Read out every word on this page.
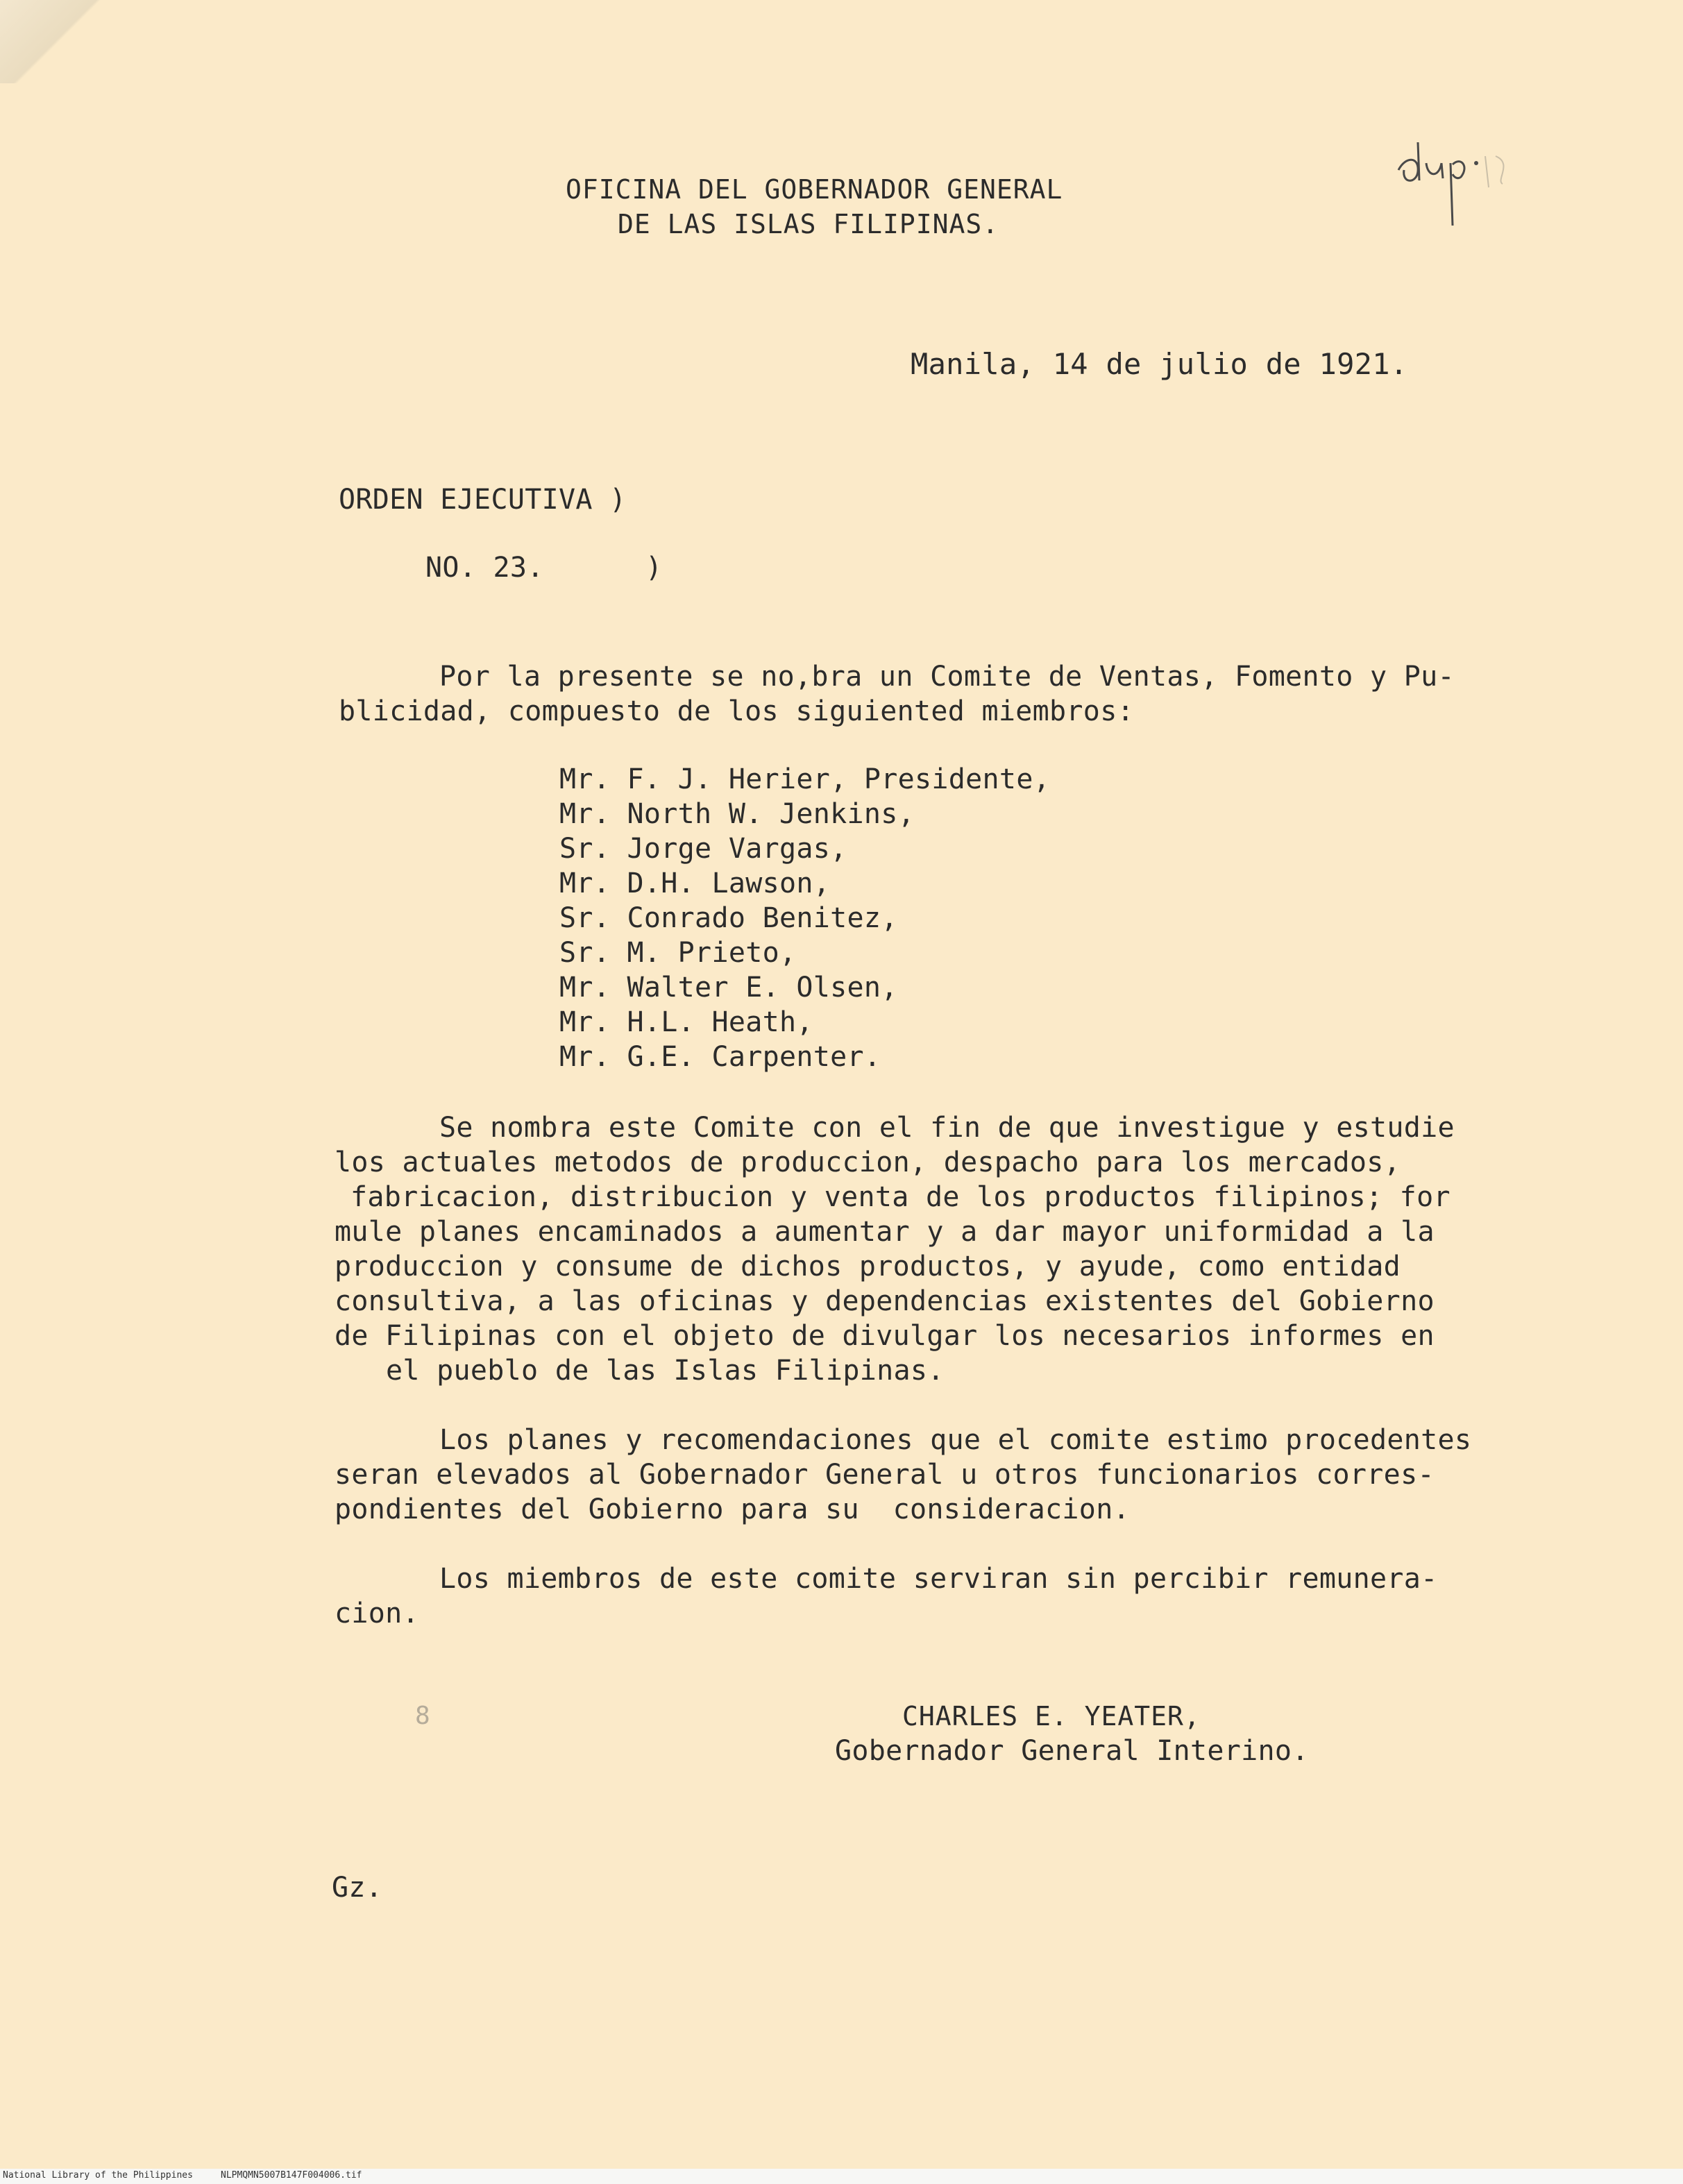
OFICINA DEL GOBERNADOR GENERAL
DE LAS ISLAS FILIPINAS.
Manila, 14 de julio de 1921.
ORDEN EJECUTIVA )
NO. 23.      )
Por la presente se no,bra un Comite de Ventas, Fomento y Pu-
blicidad, compuesto de los siguiented miembros:
Mr. F. J. Herier, Presidente,
Mr. North W. Jenkins,
Sr. Jorge Vargas,
Mr. D.H. Lawson,
Sr. Conrado Benitez,
Sr. M. Prieto,
Mr. Walter E. Olsen,
Mr. H.L. Heath,
Mr. G.E. Carpenter.
Se nombra este Comite con el fin de que investigue y estudie
los actuales metodos de produccion, despacho para los mercados,
fabricacion, distribucion y venta de los productos filipinos; for
mule planes encaminados a aumentar y a dar mayor uniformidad a la
produccion y consume de dichos productos, y ayude, como entidad
consultiva, a las oficinas y dependencias existentes del Gobierno
de Filipinas con el objeto de divulgar los necesarios informes en
el pueblo de las Islas Filipinas.
Los planes y recomendaciones que el comite estimo procedentes
seran elevados al Gobernador General u otros funcionarios corres-
pondientes del Gobierno para su  consideracion.
Los miembros de este comite serviran sin percibir remunera-
cion.
8	CHARLES E. YEATER,
Gobernador General Interino.
Gz.
National Library of the Philippines	NLPMQMN5007B147F004006.tif
